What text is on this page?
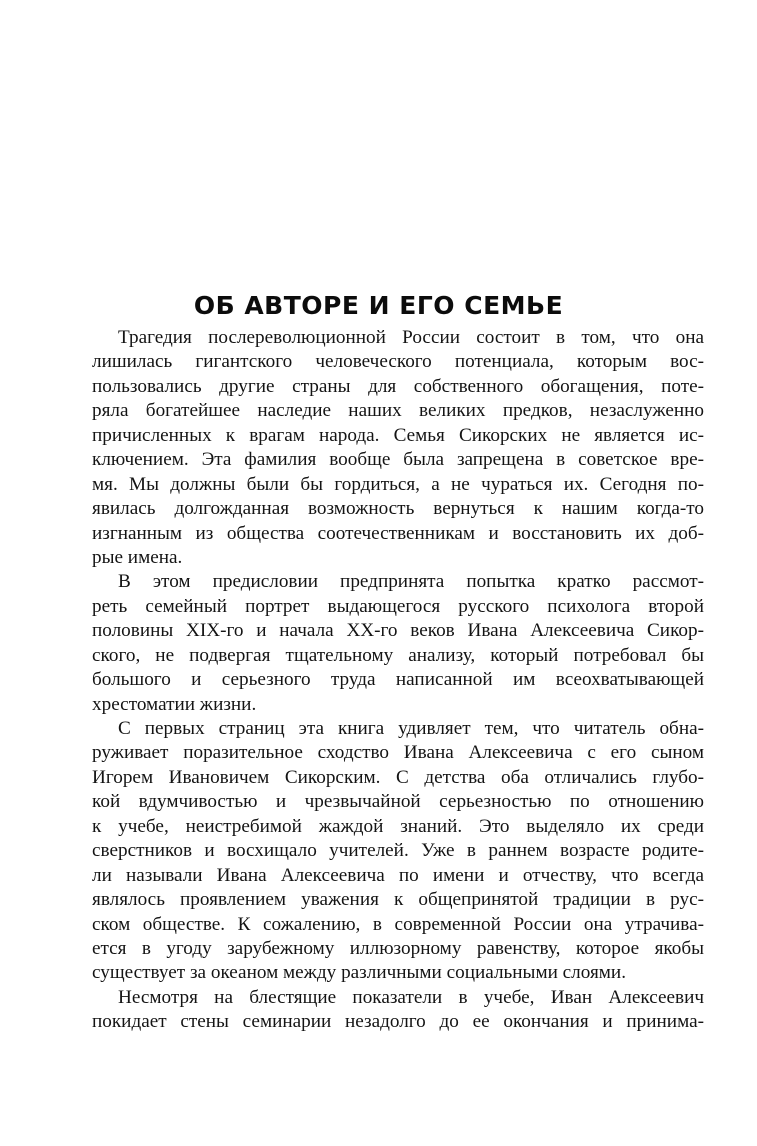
ОБ АВТОРЕ И ЕГО СЕМЬЕ
Трагедия послереволюционной России состоит в том, что она
лишилась гигантского человеческого потенциала, которым вос-
пользовались другие страны для собственного обогащения, поте-
ряла богатейшее наследие наших великих предков, незаслуженно
причисленных к врагам народа. Семья Сикорских не является ис-
ключением. Эта фамилия вообще была запрещена в советское вре-
мя. Мы должны были бы гордиться, а не чураться их. Сегодня по-
явилась долгожданная возможность вернуться к нашим когда-то
изгнанным из общества соотечественникам и восстановить их доб-
рые имена.
В этом предисловии предпринята попытка кратко рассмот-
реть семейный портрет выдающегося русского психолога второй
половины XIX-го и начала XX-го веков Ивана Алексеевича Сикор-
ского, не подвергая тщательному анализу, который потребовал бы
большого и серьезного труда написанной им всеохватывающей
хрестоматии жизни.
С первых страниц эта книга удивляет тем, что читатель обна-
руживает поразительное сходство Ивана Алексеевича с его сыном
Игорем Ивановичем Сикорским. С детства оба отличались глубо-
кой вдумчивостью и чрезвычайной серьезностью по отношению
к учебе, неистребимой жаждой знаний. Это выделяло их среди
сверстников и восхищало учителей. Уже в раннем возрасте родите-
ли называли Ивана Алексеевича по имени и отчеству, что всегда
являлось проявлением уважения к общепринятой традиции в рус-
ском обществе. К сожалению, в современной России она утрачива-
ется в угоду зарубежному иллюзорному равенству, которое якобы
существует за океаном между различными социальными слоями.
Несмотря на блестящие показатели в учебе, Иван Алексеевич
покидает стены семинарии незадолго до ее окончания и принима-
